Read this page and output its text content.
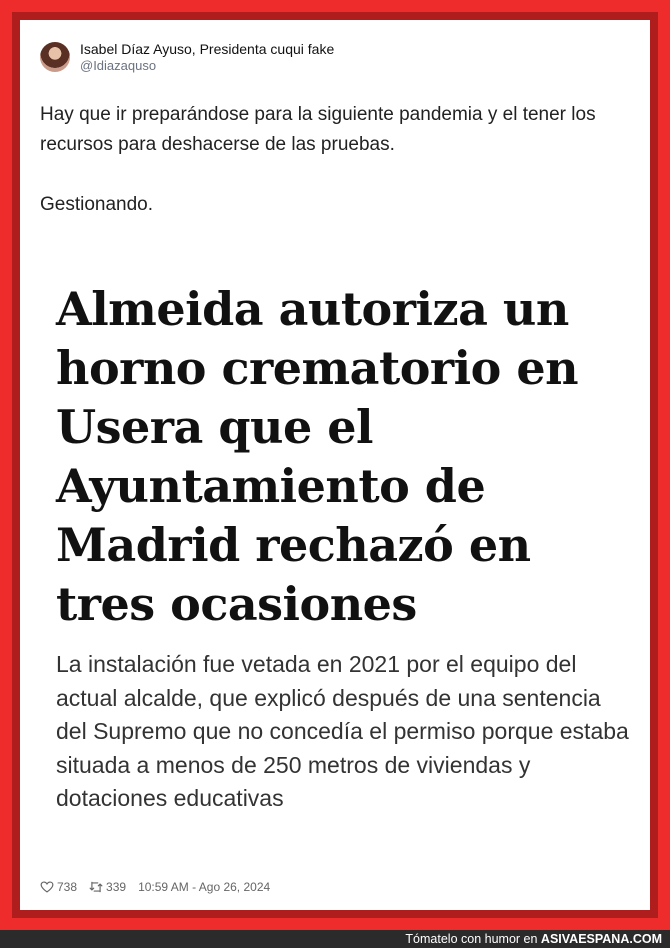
Isabel Díaz Ayuso, Presidenta cuqui fake
@Idiazaquso

Hay que ir preparándose para la siguiente pandemia y el tener los recursos para deshacerse de las pruebas.

Gestionando.

Almeida autoriza un horno crematorio en Usera que el Ayuntamiento de Madrid rechazó en tres ocasiones
La instalación fue vetada en 2021 por el equipo del actual alcalde, que explicó después de una sentencia del Supremo que no concedía el permiso porque estaba situada a menos de 250 metros de viviendas y dotaciones educativas
738 339 10:59 AM - Ago 26, 2024
Tómatelo con humor en ASIVAESPANA.COM
